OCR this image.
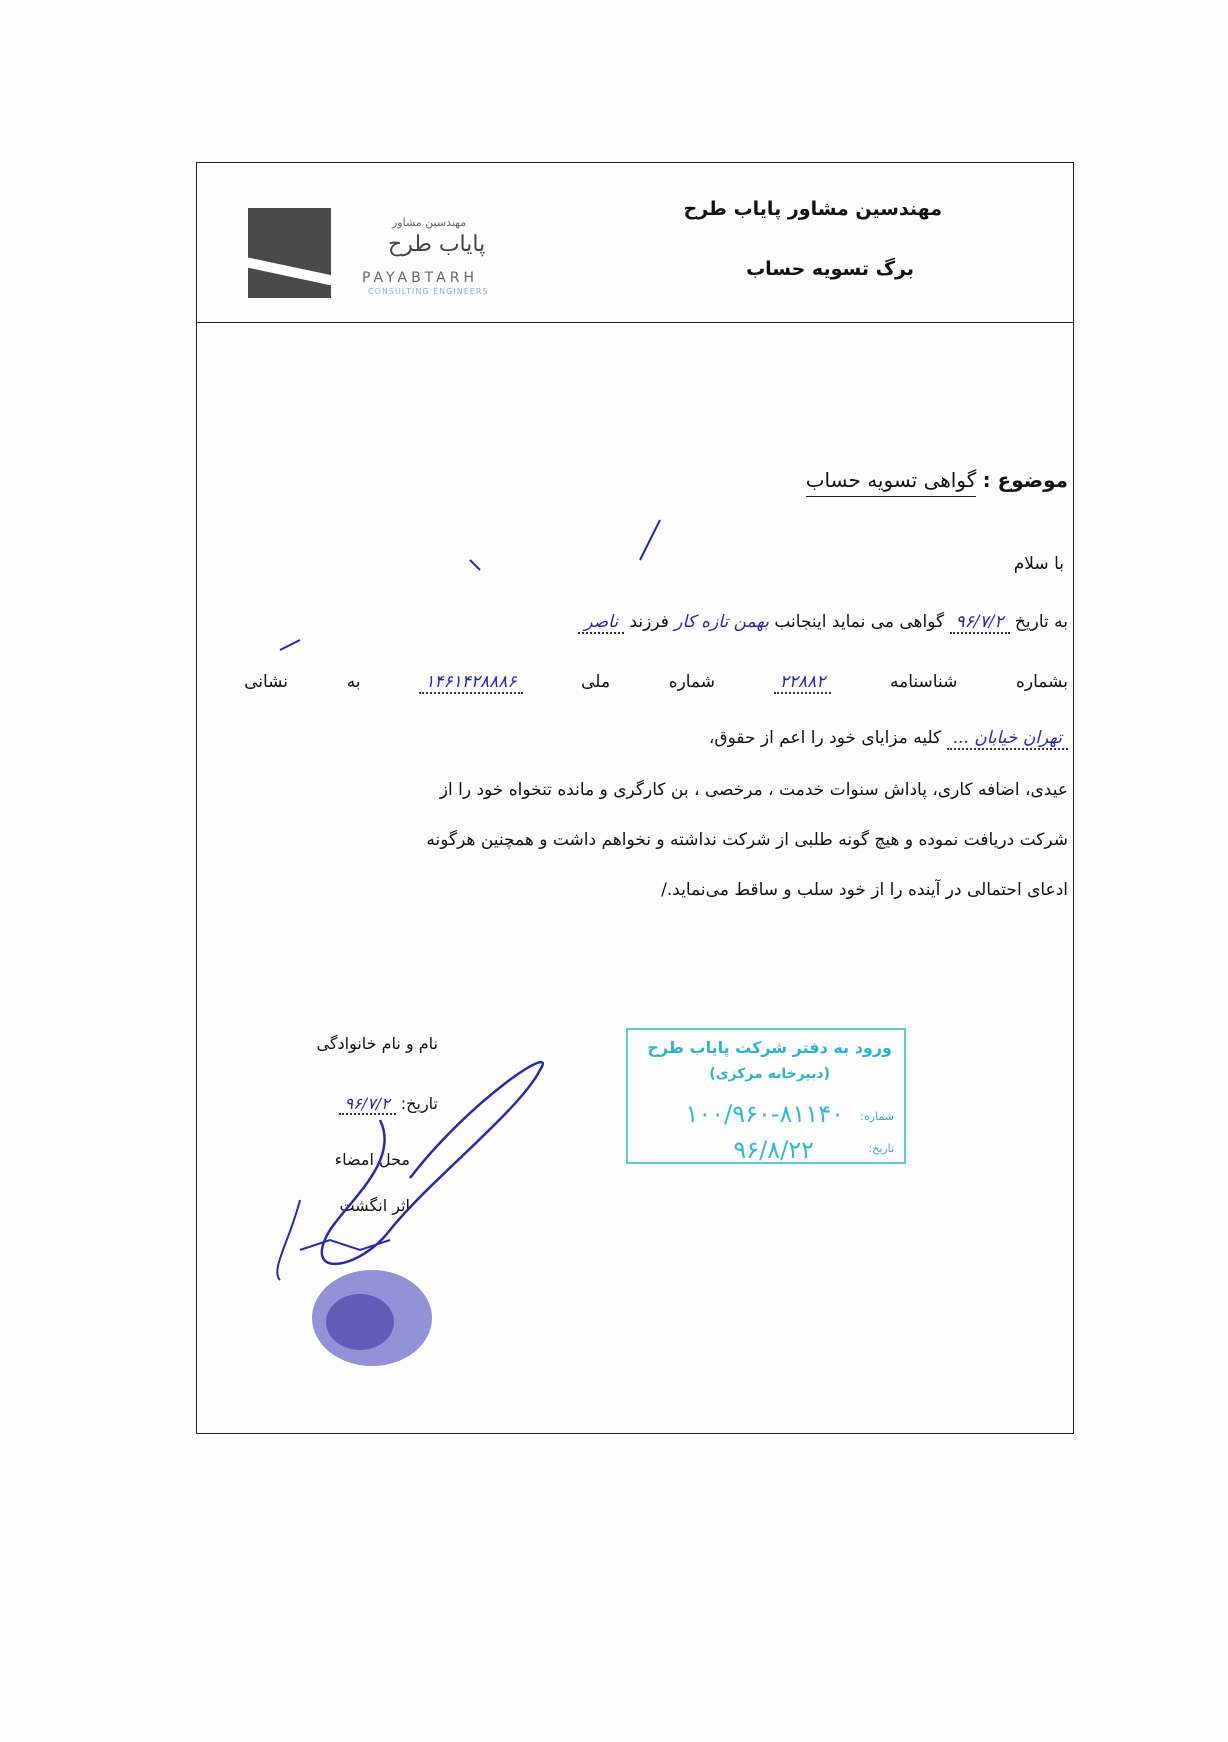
مهندسین مشاور
پایاب طرح
PAYABTARH
CONSULTING ENGINEERS
مهندسین مشاور پایاب طرح
برگ تسویه حساب
موضوع : گواهی تسویه حساب
با سلام
به تاریخ ۹۶/۷/۲ گواهی می نماید اینجانب بهمن تازه کار فرزند ناصر
بشماره
شناسنامه
۲۲۸۸۲
شماره
ملی
۱۴۶۱۴۲۸۸۸۶
به
نشانی
تهران خیابان ... کلیه مزایای خود را اعم از حقوق،
عیدی، اضافه کاری، پاداش سنوات خدمت ، مرخصی ، بن کارگری و مانده تنخواه خود را از
شرکت دریافت نموده و هیچ گونه طلبی از شرکت نداشته و نخواهم داشت و همچنین هرگونه
ادعای احتمالی در آینده را از خود سلب و ساقط می‌نماید./
نام و نام خانوادگی
تاریخ: ۹۶/۷/۲
محل امضاء
اثر انگشت
ورود به دفتر شرکت پایاب طرح
(دبیرخانه مرکزی)
شماره:
۱۰۰/۹۶۰-۸۱۱۴۰
تاریخ:
۹۶/۸/۲۲
